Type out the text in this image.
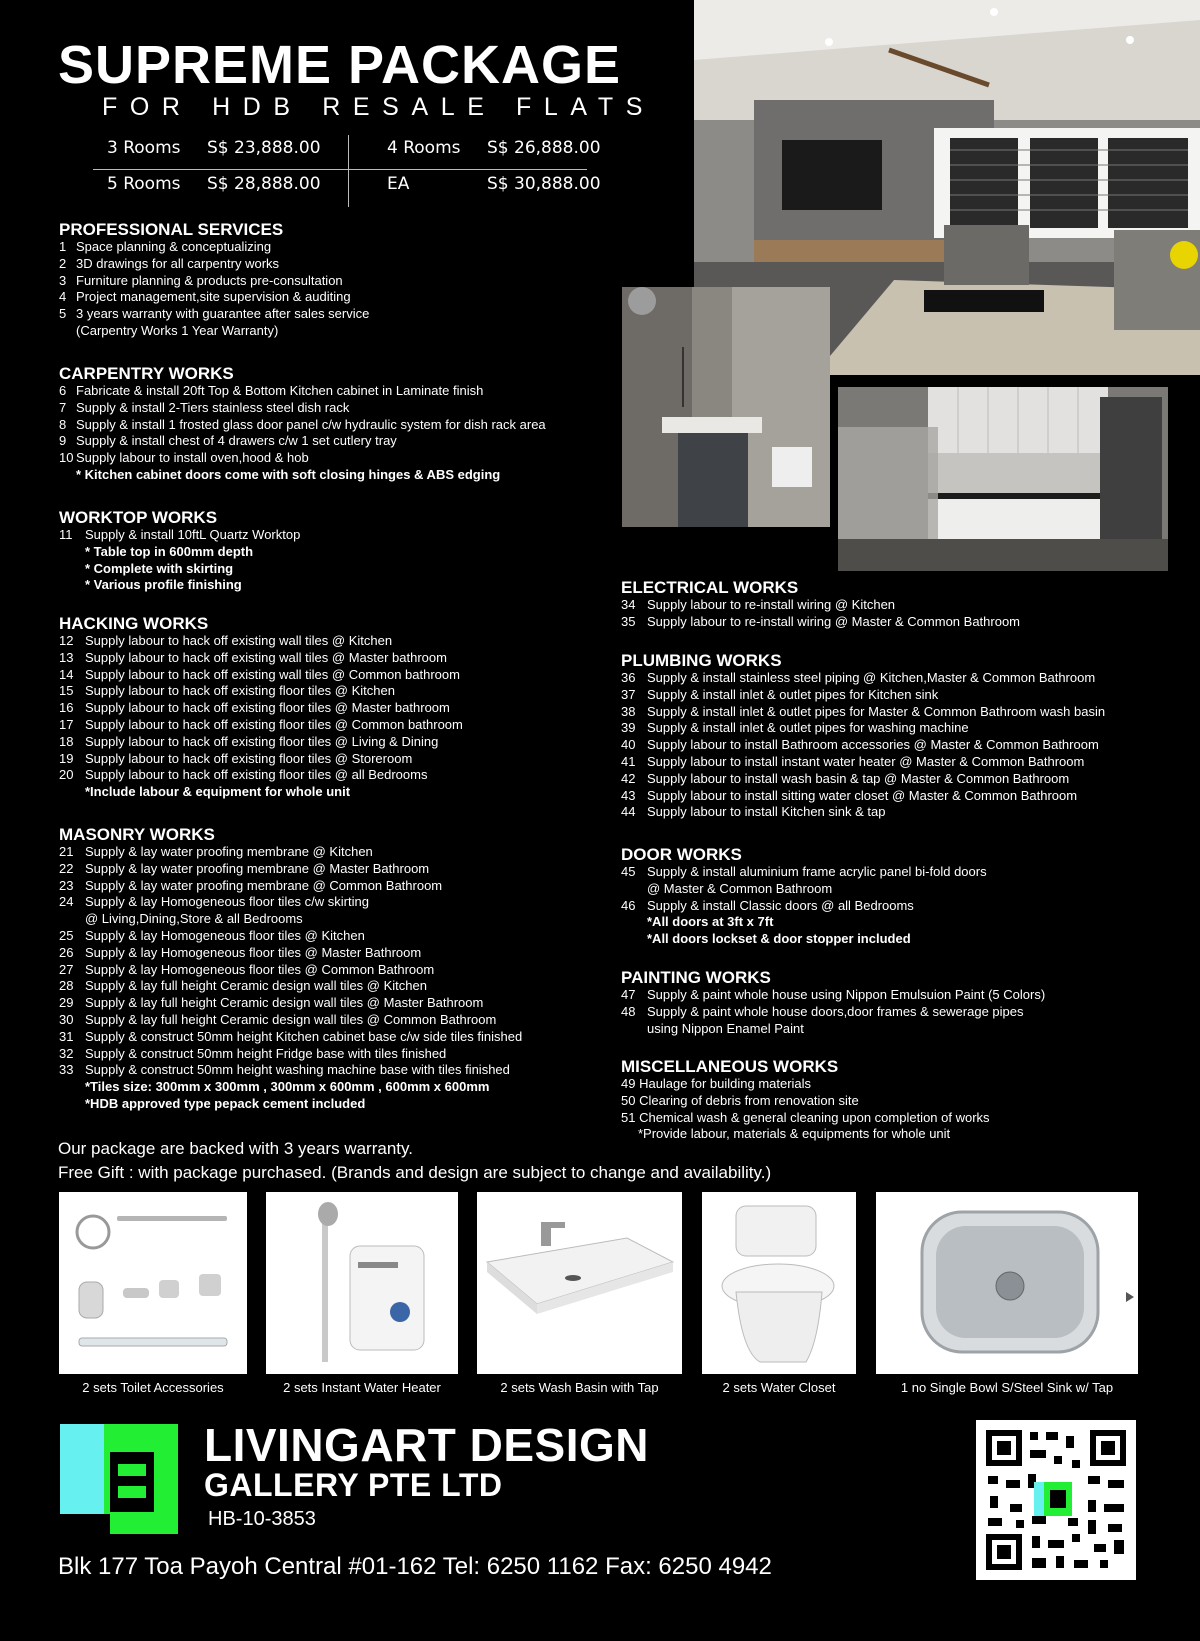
SUPREME PACKAGE
FOR HDB RESALE FLATS
3 Rooms S$ 23,888.00	4 Rooms S$ 26,888.00
5 Rooms S$ 28,888.00	EA	S$ 30,888.00
PROFESSIONAL SERVICES
1 Space planning & conceptualizing
2 3D drawings for all carpentry works
3 Furniture planning & products pre-consultation
4 Project management,site supervision & auditing
5 3 years warranty with guarantee after sales service
(Carpentry Works 1 Year Warranty)
CARPENTRY WORKS
6 Fabricate & install 20ft Top & Bottom Kitchen cabinet in Laminate finish
7 Supply & install 2-Tiers stainless steel dish rack
8 Supply & install 1 frosted glass door panel c/w hydraulic system for dish rack area
9 Supply & install chest of 4 drawers c/w 1 set cutlery tray
10 Supply labour to install oven,hood & hob
* Kitchen cabinet doors come with soft closing hinges & ABS edging
WORKTOP WORKS
11 Supply & install 10ftL Quartz Worktop
* Table top in 600mm depth
* Complete with skirting
* Various profile finishing
HACKING WORKS
12 Supply labour to hack off existing wall tiles @ Kitchen
13 Supply labour to hack off existing wall tiles @ Master bathroom
14 Supply labour to hack off existing wall tiles @ Common bathroom
15 Supply labour to hack off existing floor tiles @ Kitchen
16 Supply labour to hack off existing floor tiles @ Master bathroom
17 Supply labour to hack off existing floor tiles @ Common bathroom
18 Supply labour to hack off existing floor tiles @ Living & Dining
19 Supply labour to hack off existing floor tiles @ Storeroom
20 Supply labour to hack off existing floor tiles @ all Bedrooms
*Include labour & equipment for whole unit
MASONRY WORKS
21 Supply & lay water proofing membrane @ Kitchen
22 Supply & lay water proofing membrane @ Master Bathroom
23 Supply & lay water proofing membrane @ Common Bathroom
24 Supply & lay Homogeneous floor tiles c/w skirting
@ Living,Dining,Store & all Bedrooms
25 Supply & lay Homogeneous floor tiles @ Kitchen
26 Supply & lay Homogeneous floor tiles @ Master Bathroom
27 Supply & lay Homogeneous floor tiles @ Common Bathroom
28 Supply & lay full height Ceramic design wall tiles @ Kitchen
29 Supply & lay full height Ceramic design wall tiles @ Master Bathroom
30 Supply & lay full height Ceramic design wall tiles @ Common Bathroom
31 Supply & construct 50mm height Kitchen cabinet base c/w side tiles finished
32 Supply & construct 50mm height Fridge base with tiles finished
33 Supply & construct 50mm height washing machine base with tiles finished
*Tiles size: 300mm x 300mm , 300mm x 600mm , 600mm x 600mm
*HDB approved type pepack cement included
ELECTRICAL WORKS
34 Supply labour to re-install wiring @ Kitchen
35 Supply labour to re-install wiring @ Master & Common Bathroom
PLUMBING WORKS
36 Supply & install stainless steel piping @ Kitchen,Master & Common Bathroom
37 Supply & install inlet & outlet pipes for Kitchen sink
38 Supply & install inlet & outlet pipes for Master & Common Bathroom wash basin
39 Supply & install inlet & outlet pipes for washing machine
40 Supply labour to install Bathroom accessories @ Master & Common Bathroom
41 Supply labour to install instant water heater @ Master & Common Bathroom
42 Supply labour to install wash basin & tap @ Master & Common Bathroom
43 Supply labour to install sitting water closet @ Master & Common Bathroom
44 Supply labour to install Kitchen sink & tap
DOOR WORKS
45 Supply & install aluminium frame acrylic panel bi-fold doors
@ Master & Common Bathroom
46 Supply & install Classic doors @ all Bedrooms
*All doors at 3ft x 7ft
*All doors lockset & door stopper included
PAINTING WORKS
47 Supply & paint whole house using Nippon Emulsuion Paint (5 Colors)
48 Supply & paint whole house doors,door frames & sewerage pipes
using Nippon Enamel Paint
MISCELLANEOUS WORKS
49 Haulage for building materials
50 Clearing of debris from renovation site
51 Chemical wash & general cleaning upon completion of works
*Provide labour, materials & equipments for whole unit
Our package are backed with 3 years warranty.
Free Gift : with package purchased. (Brands and design are subject to change and availability.)
2 sets Toilet Accessories	2 sets Instant Water Heater	2 sets Wash Basin with Tap	2 sets Water Closet	1 no Single Bowl S/Steel Sink w/ Tap
LIVINGART DESIGN
GALLERY PTE LTD
HB-10-3853
Blk 177 Toa Payoh Central #01-162 Tel: 6250 1162 Fax: 6250 4942
